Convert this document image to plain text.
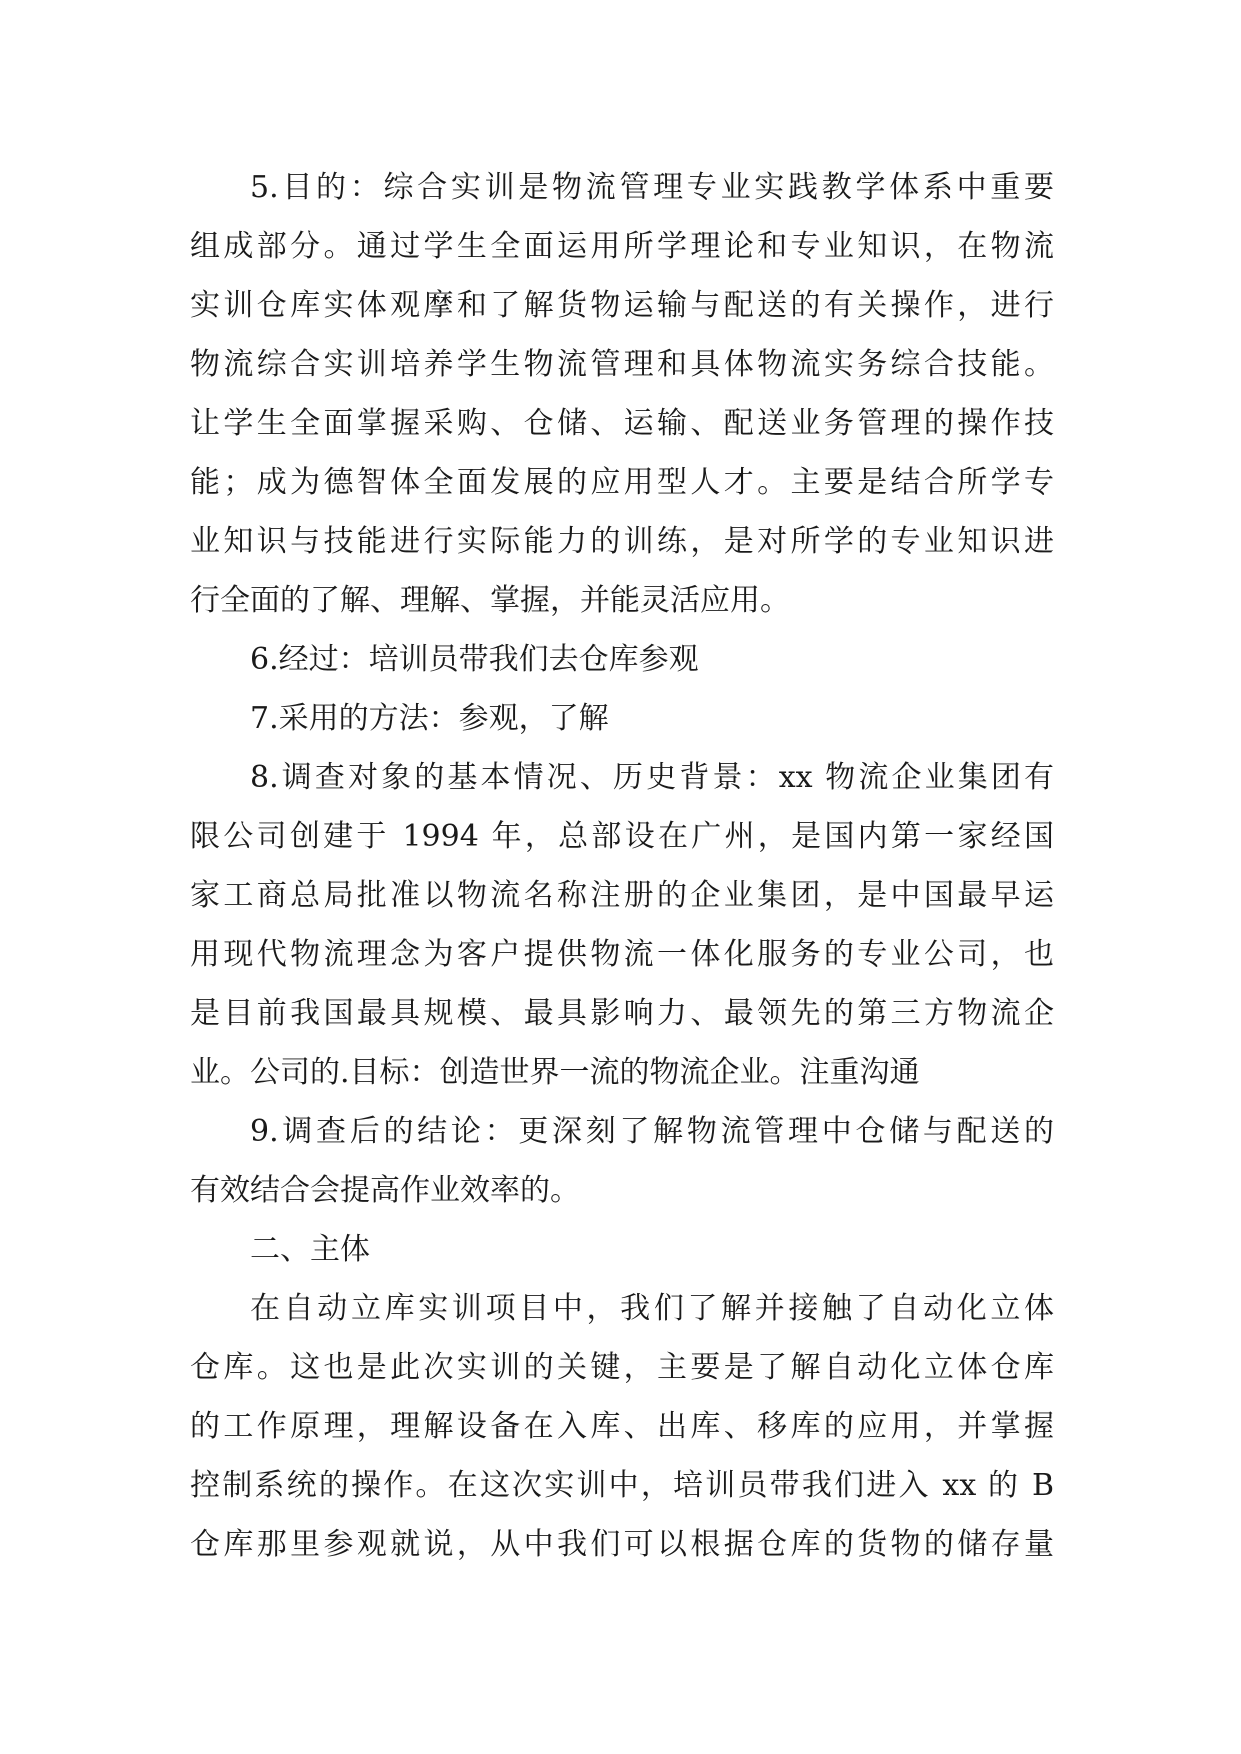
5.目的：综合实训是物流管理专业实践教学体系中重要
组成部分。通过学生全面运用所学理论和专业知识，在物流
实训仓库实体观摩和了解货物运输与配送的有关操作，进行
物流综合实训培养学生物流管理和具体物流实务综合技能。
让学生全面掌握采购、仓储、运输、配送业务管理的操作技
能；成为德智体全面发展的应用型人才。主要是结合所学专
业知识与技能进行实际能力的训练，是对所学的专业知识进
行全面的了解、理解、掌握，并能灵活应用。
6.经过：培训员带我们去仓库参观
7.采用的方法：参观，了解
8.调查对象的基本情况、历史背景：xx 物流企业集团有
限公司创建于 1994 年，总部设在广州，是国内第一家经国
家工商总局批准以物流名称注册的企业集团，是中国最早运
用现代物流理念为客户提供物流一体化服务的专业公司，也
是目前我国最具规模、最具影响力、最领先的第三方物流企
业。公司的.目标：创造世界一流的物流企业。注重沟通
9.调查后的结论：更深刻了解物流管理中仓储与配送的
有效结合会提高作业效率的。
二、主体
在自动立库实训项目中，我们了解并接触了自动化立体
仓库。这也是此次实训的关键，主要是了解自动化立体仓库
的工作原理，理解设备在入库、出库、移库的应用，并掌握
控制系统的操作。在这次实训中，培训员带我们进入 xx 的 B
仓库那里参观就说，从中我们可以根据仓库的货物的储存量
